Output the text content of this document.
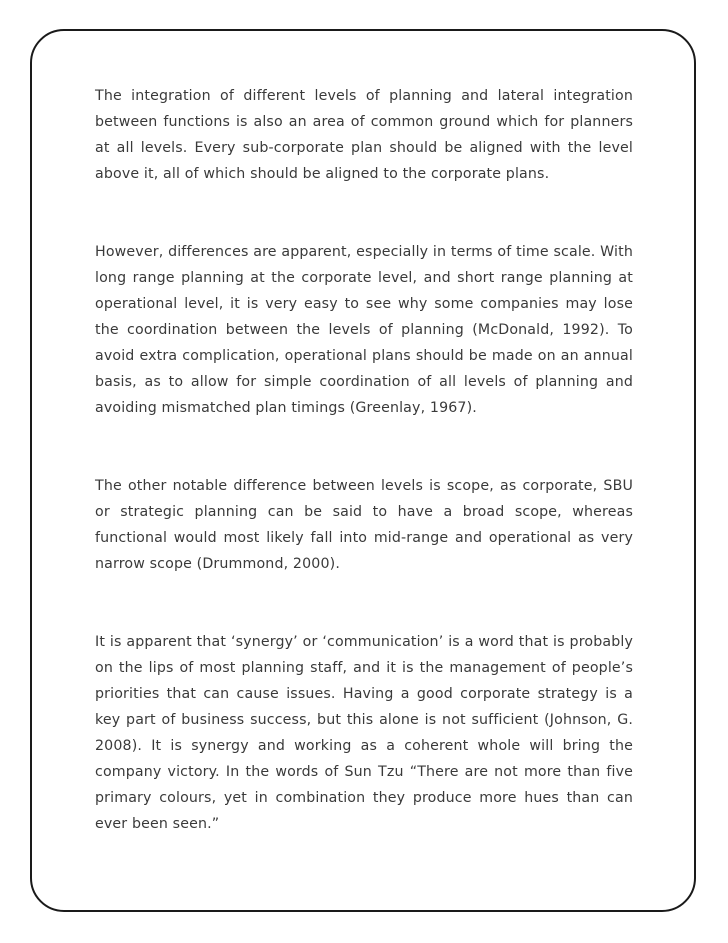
The integration of different levels of planning and lateral integration between functions is also an area of common ground which for planners at all levels. Every sub-corporate plan should be aligned with the level above it, all of which should be aligned to the corporate plans.

However, differences are apparent, especially in terms of time scale. With long range planning at the corporate level, and short range planning at operational level, it is very easy to see why some companies may lose the coordination between the levels of planning (McDonald, 1992). To avoid extra complication, operational plans should be made on an annual basis, as to allow for simple coordination of all levels of planning and avoiding mismatched plan timings (Greenlay, 1967).

The other notable difference between levels is scope, as corporate, SBU or strategic planning can be said to have a broad scope, whereas functional would most likely fall into mid-range and operational as very narrow scope (Drummond, 2000).

It is apparent that ‘synergy’ or ‘communication’ is a word that is probably on the lips of most planning staff, and it is the management of people’s priorities that can cause issues. Having a good corporate strategy is a key part of business success, but this alone is not sufficient (Johnson, G. 2008). It is synergy and working as a coherent whole will bring the company victory. In the words of Sun Tzu “There are not more than five primary colours, yet in combination they produce more hues than can ever been seen.”
